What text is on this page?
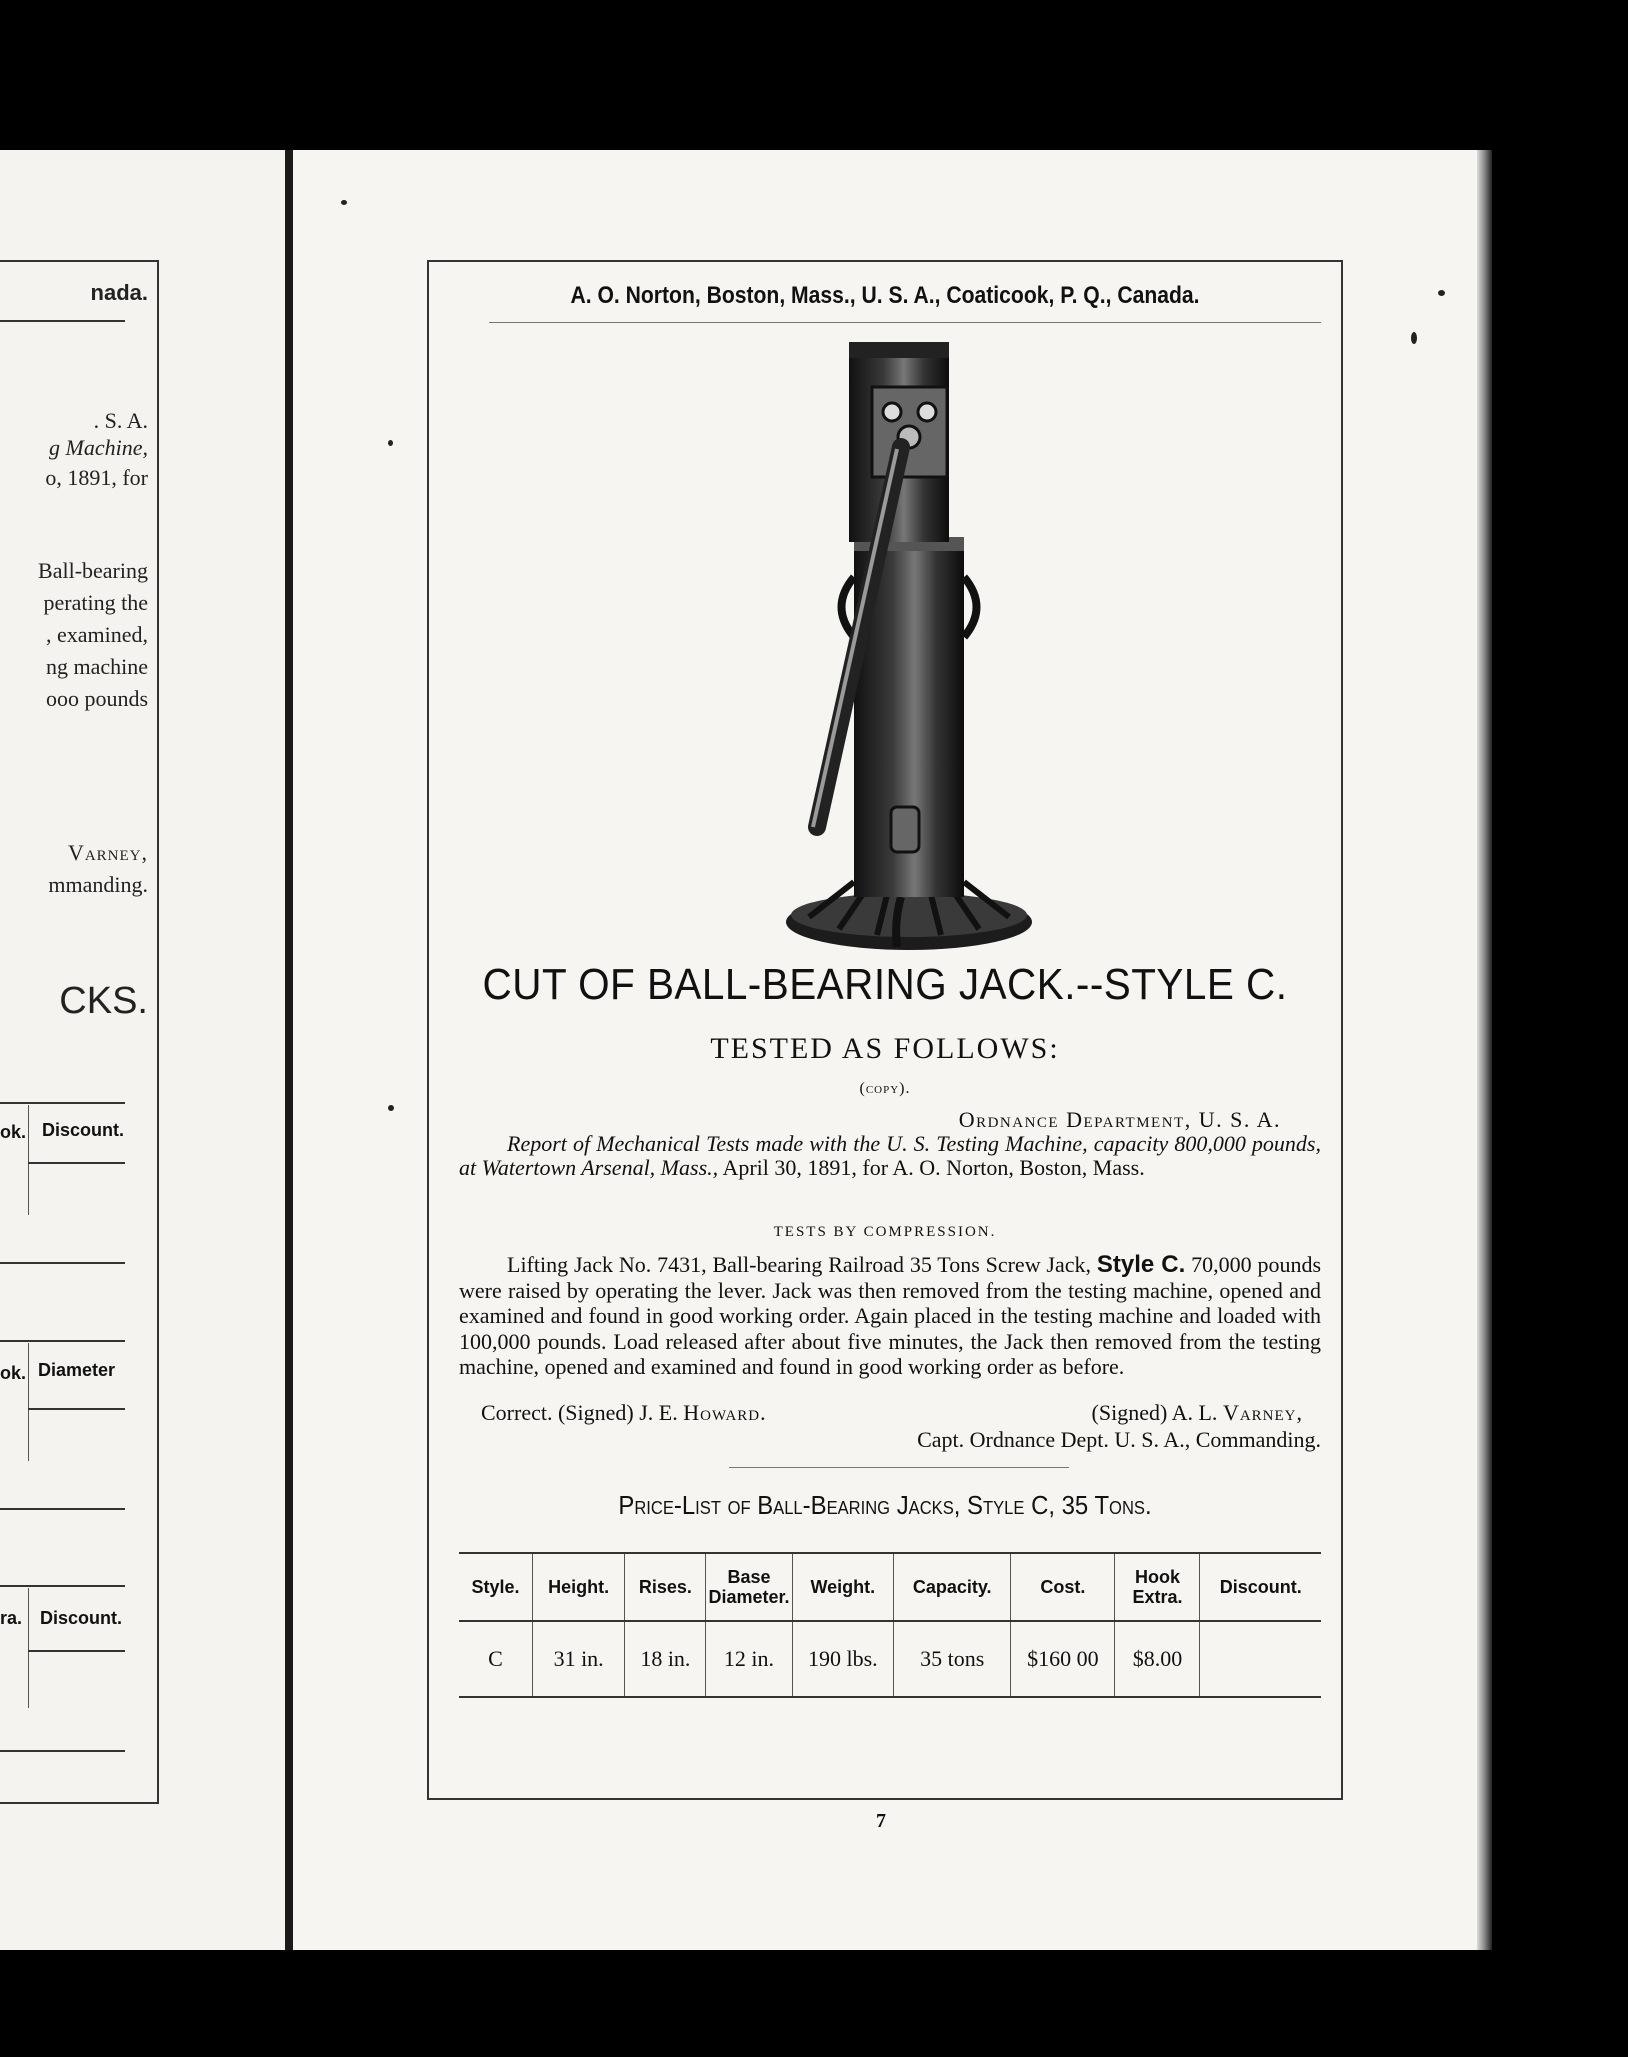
nada.
. S. A.
g Machine,
o, 1891, for
Ball-bearing
perating the
, examined,
ng machine
ooo pounds
Varney,
mmanding.
CKS.
ok. Discount.
ok. Diameter
ra. Discount.
A. O. Norton, Boston, Mass., U. S. A., Coaticook, P. Q., Canada.
CUT OF BALL-BEARING JACK.--STYLE C.
TESTED AS FOLLOWS:
(copy).
Ordnance Department, U. S. A.
Report of Mechanical Tests made with the U. S. Testing Machine, capacity 800,000 pounds, at Watertown Arsenal, Mass., April 30, 1891, for A. O. Norton, Boston, Mass.
TESTS BY COMPRESSION.
Lifting Jack No. 7431, Ball-bearing Railroad 35 Tons Screw Jack, Style C. 70,000 pounds were raised by operating the lever. Jack was then removed from the testing machine, opened and examined and found in good working order. Again placed in the testing machine and loaded with 100,000 pounds. Load released after about five minutes, the Jack then removed from the testing machine, opened and examined and found in good working order as before.
Correct. (Signed) J. E. Howard.	(Signed) A. L. Varney,
Capt. Ordnance Dept. U. S. A., Commanding.
Price-List of Ball-Bearing Jacks, Style C, 35 Tons.
Style.	Height.	Rises.	Base Diameter.	Weight.	Capacity.	Cost.	Hook Extra.	Discount.
C	31 in.	18 in.	12 in.	190 lbs.	35 tons	$160 00	$8.00	
7
